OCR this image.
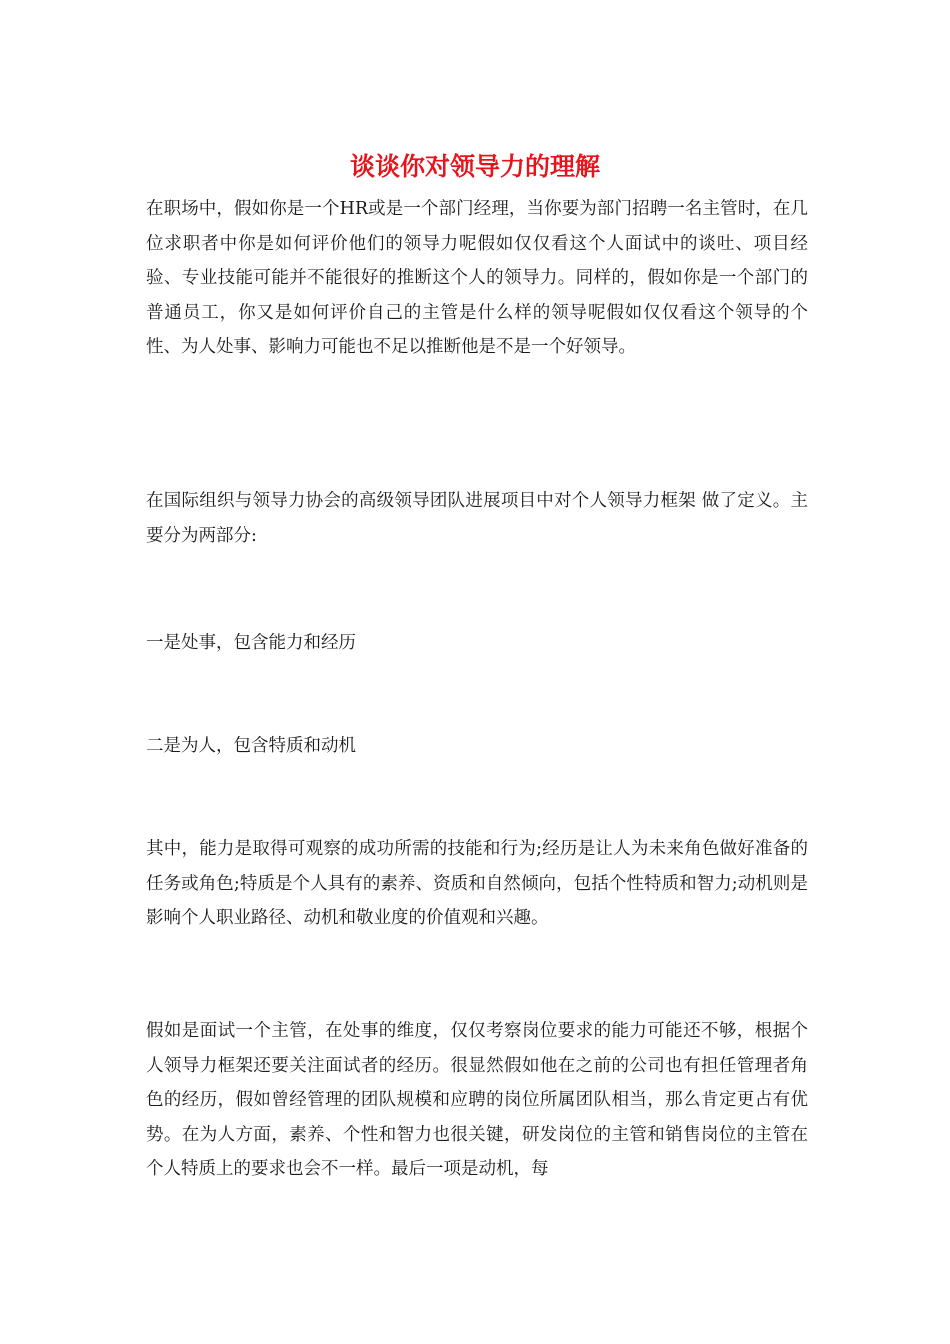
谈谈你对领导力的理解

在职场中，假如你是一个HR或是一个部门经理，当你要为部门招聘一名主管时，在几位求职者中你是如何评价他们的领导力呢假如仅仅看这个人面试中的谈吐、项目经验、专业技能可能并不能很好的推断这个人的领导力。同样的，假如你是一个部门的普通员工，你又是如何评价自己的主管是什么样的领导呢假如仅仅看这个领导的个性、为人处事、影响力可能也不足以推断他是不是一个好领导。

在国际组织与领导力协会的高级领导团队进展项目中对个人领导力框架 做了定义。主要分为两部分:

一是处事，包含能力和经历

二是为人，包含特质和动机

其中，能力是取得可观察的成功所需的技能和行为;经历是让人为未来角色做好准备的任务或角色;特质是个人具有的素养、资质和自然倾向，包括个性特质和智力;动机则是影响个人职业路径、动机和敬业度的价值观和兴趣。

假如是面试一个主管，在处事的维度，仅仅考察岗位要求的能力可能还不够，根据个人领导力框架还要关注面试者的经历。很显然假如他在之前的公司也有担任管理者角色的经历，假如曾经管理的团队规模和应聘的岗位所属团队相当，那么肯定更占有优势。在为人方面，素养、个性和智力也很关键，研发岗位的主管和销售岗位的主管在个人特质上的要求也会不一样。最后一项是动机，每
